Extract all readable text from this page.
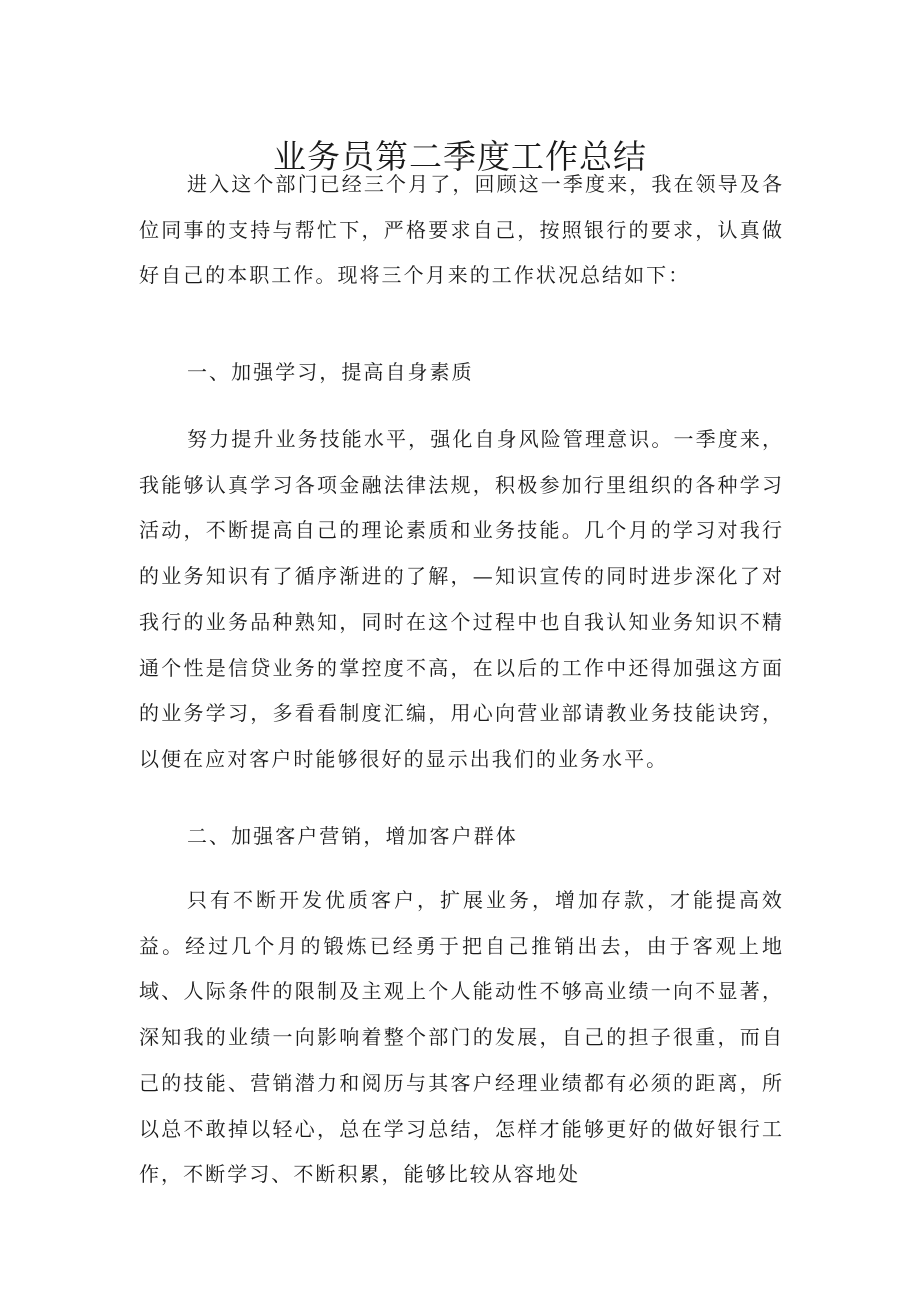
业务员第二季度工作总结

进入这个部门已经三个月了，回顾这一季度来，我在领导及各位同事的支持与帮忙下，严格要求自己，按照银行的要求，认真做好自己的本职工作。现将三个月来的工作状况总结如下：

一、加强学习，提高自身素质

努力提升业务技能水平，强化自身风险管理意识。一季度来，我能够认真学习各项金融法律法规，积极参加行里组织的各种学习活动，不断提高自己的理论素质和业务技能。几个月的学习对我行的业务知识有了循序渐进的了解，—知识宣传的同时进步深化了对我行的业务品种熟知，同时在这个过程中也自我认知业务知识不精通个性是信贷业务的掌控度不高，在以后的工作中还得加强这方面的业务学习，多看看制度汇编，用心向营业部请教业务技能诀窍，以便在应对客户时能够很好的显示出我们的业务水平。

二、加强客户营销，增加客户群体

只有不断开发优质客户，扩展业务，增加存款，才能提高效益。经过几个月的锻炼已经勇于把自己推销出去，由于客观上地域、人际条件的限制及主观上个人能动性不够高业绩一向不显著，深知我的业绩一向影响着整个部门的发展，自己的担子很重，而自己的技能、营销潜力和阅历与其客户经理业绩都有必须的距离，所以总不敢掉以轻心，总在学习总结，怎样才能够更好的做好银行工作，不断学习、不断积累，能够比较从容地处
